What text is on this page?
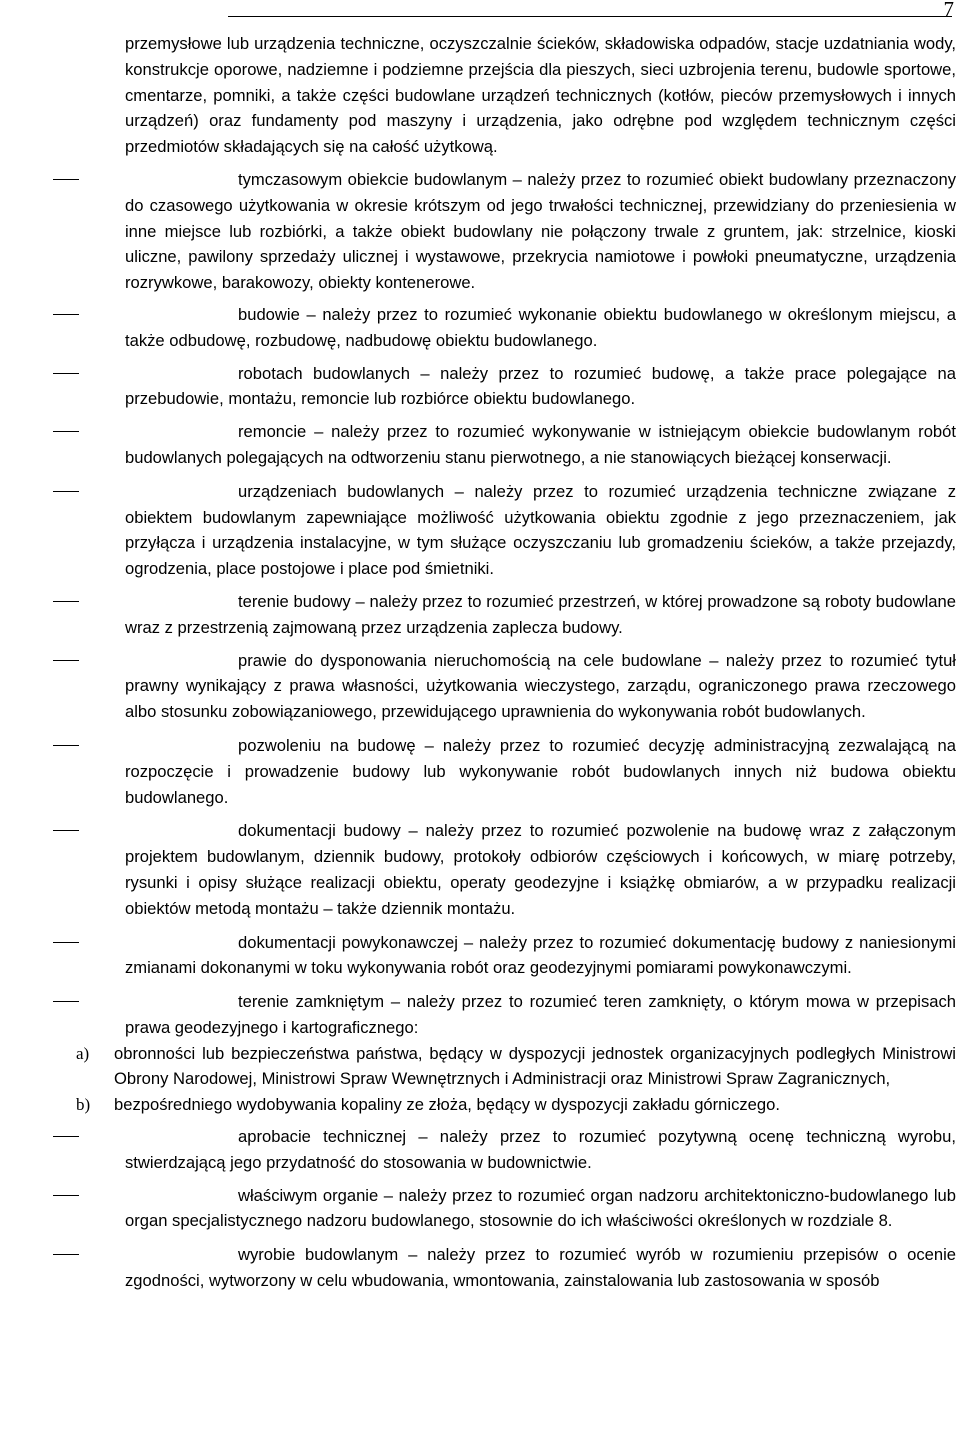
7

przemysłowe lub urządzenia techniczne, oczyszczalnie ścieków, składowiska odpadów, stacje uzdatniania wody, konstrukcje oporowe, nadziemne i podziemne przejścia dla pieszych, sieci uzbrojenia terenu, budowle sportowe, cmentarze, pomniki, a także części budowlane urządzeń technicznych (kotłów, pieców przemysłowych i innych urządzeń) oraz fundamenty pod maszyny i urządzenia, jako odrębne pod względem technicznym części przedmiotów składających się na całość użytkową.

tymczasowym obiekcie budowlanym – należy przez to rozumieć obiekt budowlany przeznaczony do czasowego użytkowania w okresie krótszym od jego trwałości technicznej, przewidziany do przeniesienia w inne miejsce lub rozbiórki, a także obiekt budowlany nie połączony trwale z gruntem, jak: strzelnice, kioski uliczne, pawilony sprzedaży ulicznej i wystawowe, przekrycia namiotowe i powłoki pneumatyczne, urządzenia rozrywkowe, barakowozy, obiekty kontenerowe.
budowie – należy przez to rozumieć wykonanie obiektu budowlanego w określonym miejscu, a także odbudowę, rozbudowę, nadbudowę obiektu budowlanego.
robotach budowlanych – należy przez to rozumieć budowę, a także prace polegające na przebudowie, montażu, remoncie lub rozbiórce obiektu budowlanego.
remoncie – należy przez to rozumieć wykonywanie w istniejącym obiekcie budowlanym robót budowlanych polegających na odtworzeniu stanu pierwotnego, a nie stanowiących bieżącej konserwacji.
urządzeniach budowlanych – należy przez to rozumieć urządzenia techniczne związane z obiektem budowlanym zapewniające możliwość użytkowania obiektu zgodnie z jego przeznaczeniem, jak przyłącza i urządzenia instalacyjne, w tym służące oczyszczaniu lub gromadzeniu ścieków, a także przejazdy, ogrodzenia, place postojowe i place pod śmietniki.
terenie budowy – należy przez to rozumieć przestrzeń, w której prowadzone są roboty budowlane wraz z przestrzenią zajmowaną przez urządzenia zaplecza budowy.
prawie do dysponowania nieruchomością na cele budowlane – należy przez to rozumieć tytuł prawny wynikający z prawa własności, użytkowania wieczystego, zarządu, ograniczonego prawa rzeczowego albo stosunku zobowiązaniowego, przewidującego uprawnienia do wykonywania robót budowlanych.
pozwoleniu na budowę – należy przez to rozumieć decyzję administracyjną zezwalającą na rozpoczęcie i prowadzenie budowy lub wykonywanie robót budowlanych innych niż budowa obiektu budowlanego.
dokumentacji budowy – należy przez to rozumieć pozwolenie na budowę wraz z załączonym projektem budowlanym, dziennik budowy, protokoły odbiorów częściowych i końcowych, w miarę potrzeby, rysunki i opisy służące realizacji obiektu, operaty geodezyjne i książkę obmiarów, a w przypadku realizacji obiektów metodą montażu – także dziennik montażu.
dokumentacji powykonawczej – należy przez to rozumieć dokumentację budowy z naniesionymi zmianami dokonanymi w toku wykonywania robót oraz geodezyjnymi pomiarami powykonawczymi.
terenie zamkniętym – należy przez to rozumieć teren zamknięty, o którym mowa w przepisach prawa geodezyjnego i kartograficznego:
a) obronności lub bezpieczeństwa państwa, będący w dyspozycji jednostek organizacyjnych podległych Ministrowi Obrony Narodowej, Ministrowi Spraw Wewnętrznych i Administracji oraz Ministrowi Spraw Zagranicznych,
b) bezpośredniego wydobywania kopaliny ze złoża, będący w dyspozycji zakładu górniczego.
aprobacie technicznej – należy przez to rozumieć pozytywną ocenę techniczną wyrobu, stwierdzającą jego przydatność do stosowania w budownictwie.
właściwym organie – należy przez to rozumieć organ nadzoru architektoniczno-budowlanego lub organ specjalistycznego nadzoru budowlanego, stosownie do ich właściwości określonych w rozdziale 8.
wyrobie budowlanym – należy przez to rozumieć wyrób w rozumieniu przepisów o ocenie zgodności, wytworzony w celu wbudowania, wmontowania, zainstalowania lub zastosowania w sposób
